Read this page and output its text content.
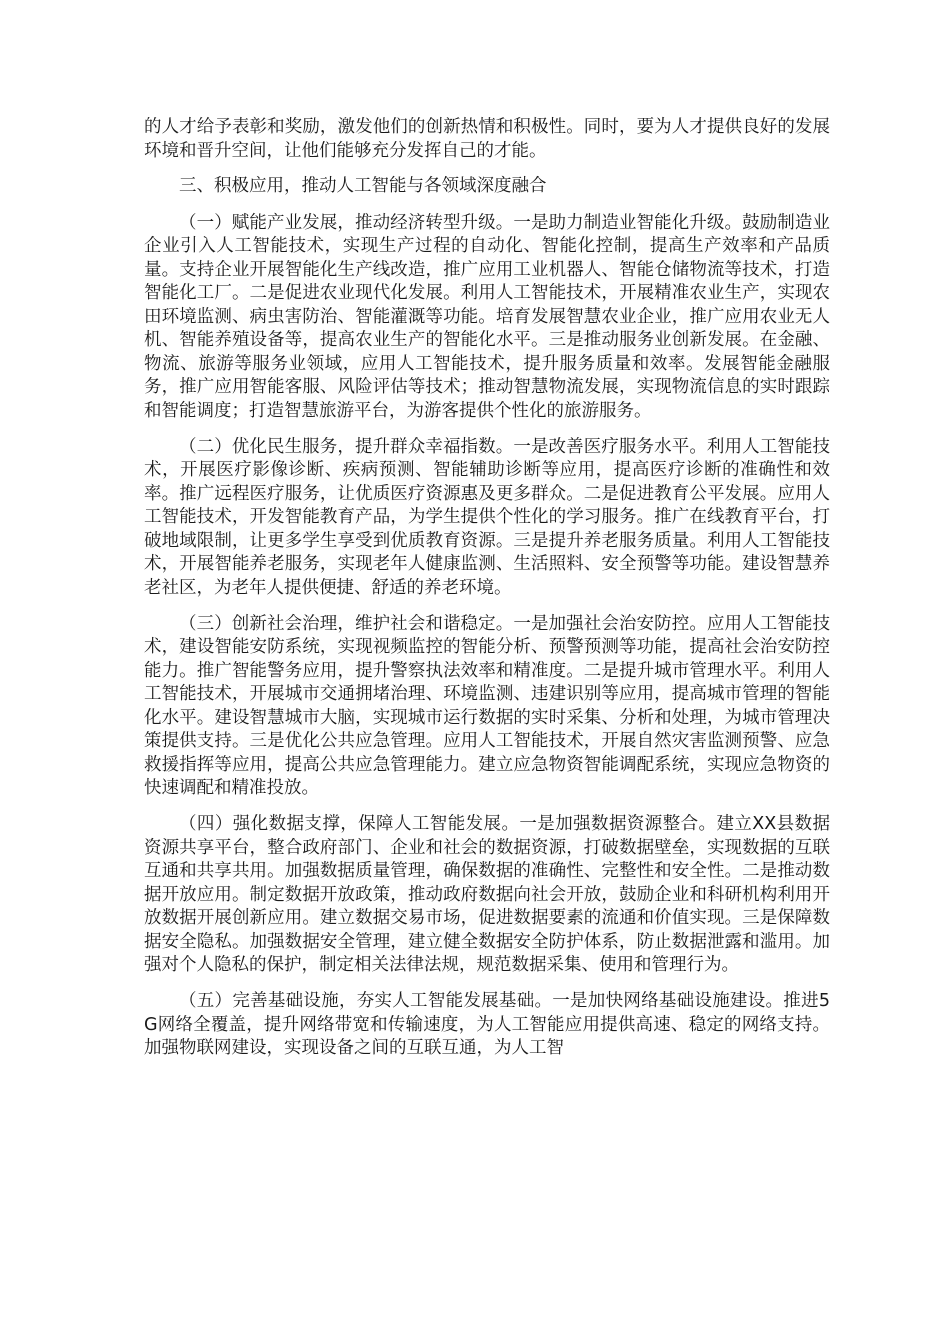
的人才给予表彰和奖励，激发他们的创新热情和积极性。同时，要为人才提供良好的发展环境和晋升空间，让他们能够充分发挥自己的才能。

三、积极应用，推动人工智能与各领域深度融合

（一）赋能产业发展，推动经济转型升级。一是助力制造业智能化升级。鼓励制造业企业引入人工智能技术，实现生产过程的自动化、智能化控制，提高生产效率和产品质量。支持企业开展智能化生产线改造，推广应用工业机器人、智能仓储物流等技术，打造智能化工厂。二是促进农业现代化发展。利用人工智能技术，开展精准农业生产，实现农田环境监测、病虫害防治、智能灌溉等功能。培育发展智慧农业企业，推广应用农业无人机、智能养殖设备等，提高农业生产的智能化水平。三是推动服务业创新发展。在金融、物流、旅游等服务业领域，应用人工智能技术，提升服务质量和效率。发展智能金融服务，推广应用智能客服、风险评估等技术；推动智慧物流发展，实现物流信息的实时跟踪和智能调度；打造智慧旅游平台，为游客提供个性化的旅游服务。

（二）优化民生服务，提升群众幸福指数。一是改善医疗服务水平。利用人工智能技术，开展医疗影像诊断、疾病预测、智能辅助诊断等应用，提高医疗诊断的准确性和效率。推广远程医疗服务，让优质医疗资源惠及更多群众。二是促进教育公平发展。应用人工智能技术，开发智能教育产品，为学生提供个性化的学习服务。推广在线教育平台，打破地域限制，让更多学生享受到优质教育资源。三是提升养老服务质量。利用人工智能技术，开展智能养老服务，实现老年人健康监测、生活照料、安全预警等功能。建设智慧养老社区，为老年人提供便捷、舒适的养老环境。

（三）创新社会治理，维护社会和谐稳定。一是加强社会治安防控。应用人工智能技术，建设智能安防系统，实现视频监控的智能分析、预警预测等功能，提高社会治安防控能力。推广智能警务应用，提升警察执法效率和精准度。二是提升城市管理水平。利用人工智能技术，开展城市交通拥堵治理、环境监测、违建识别等应用，提高城市管理的智能化水平。建设智慧城市大脑，实现城市运行数据的实时采集、分析和处理，为城市管理决策提供支持。三是优化公共应急管理。应用人工智能技术，开展自然灾害监测预警、应急救援指挥等应用，提高公共应急管理能力。建立应急物资智能调配系统，实现应急物资的快速调配和精准投放。

（四）强化数据支撑，保障人工智能发展。一是加强数据资源整合。建立XX县数据资源共享平台，整合政府部门、企业和社会的数据资源，打破数据壁垒，实现数据的互联互通和共享共用。加强数据质量管理，确保数据的准确性、完整性和安全性。二是推动数据开放应用。制定数据开放政策，推动政府数据向社会开放，鼓励企业和科研机构利用开放数据开展创新应用。建立数据交易市场，促进数据要素的流通和价值实现。三是保障数据安全隐私。加强数据安全管理，建立健全数据安全防护体系，防止数据泄露和滥用。加强对个人隐私的保护，制定相关法律法规，规范数据采集、使用和管理行为。

（五）完善基础设施，夯实人工智能发展基础。一是加快网络基础设施建设。推进5G网络全覆盖，提升网络带宽和传输速度，为人工智能应用提供高速、稳定的网络支持。加强物联网建设，实现设备之间的互联互通，为人工智
